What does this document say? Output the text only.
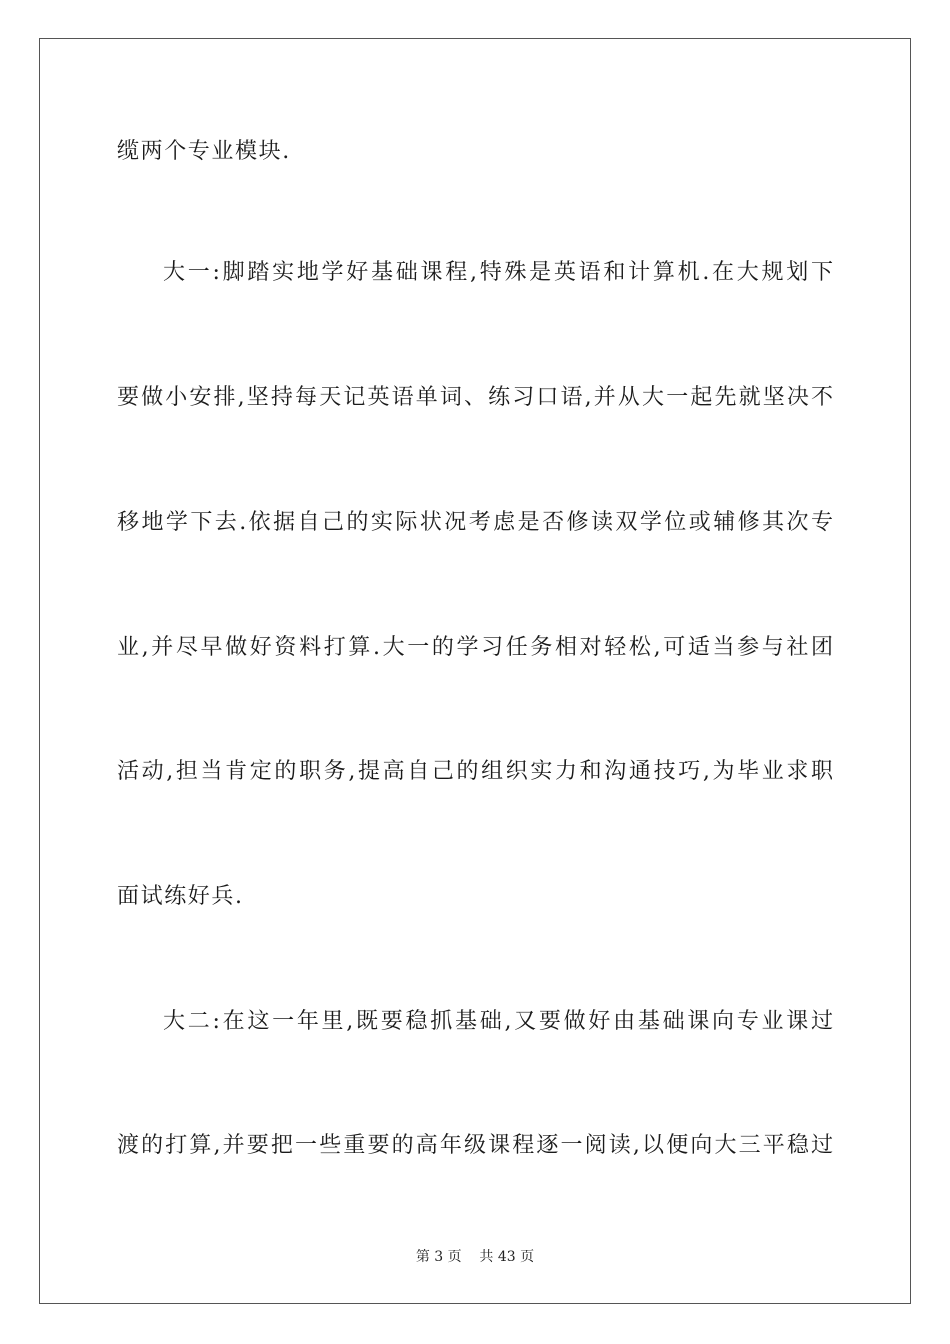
缆两个专业模块.
大一:脚踏实地学好基础课程,特殊是英语和计算机.在大规划下
要做小安排,坚持每天记英语单词、练习口语,并从大一起先就坚决不
移地学下去.依据自己的实际状况考虑是否修读双学位或辅修其次专
业,并尽早做好资料打算.大一的学习任务相对轻松,可适当参与社团
活动,担当肯定的职务,提高自己的组织实力和沟通技巧,为毕业求职
面试练好兵.
大二:在这一年里,既要稳抓基础,又要做好由基础课向专业课过
渡的打算,并要把一些重要的高年级课程逐一阅读,以便向大三平稳过
第 3 页    共 43 页
